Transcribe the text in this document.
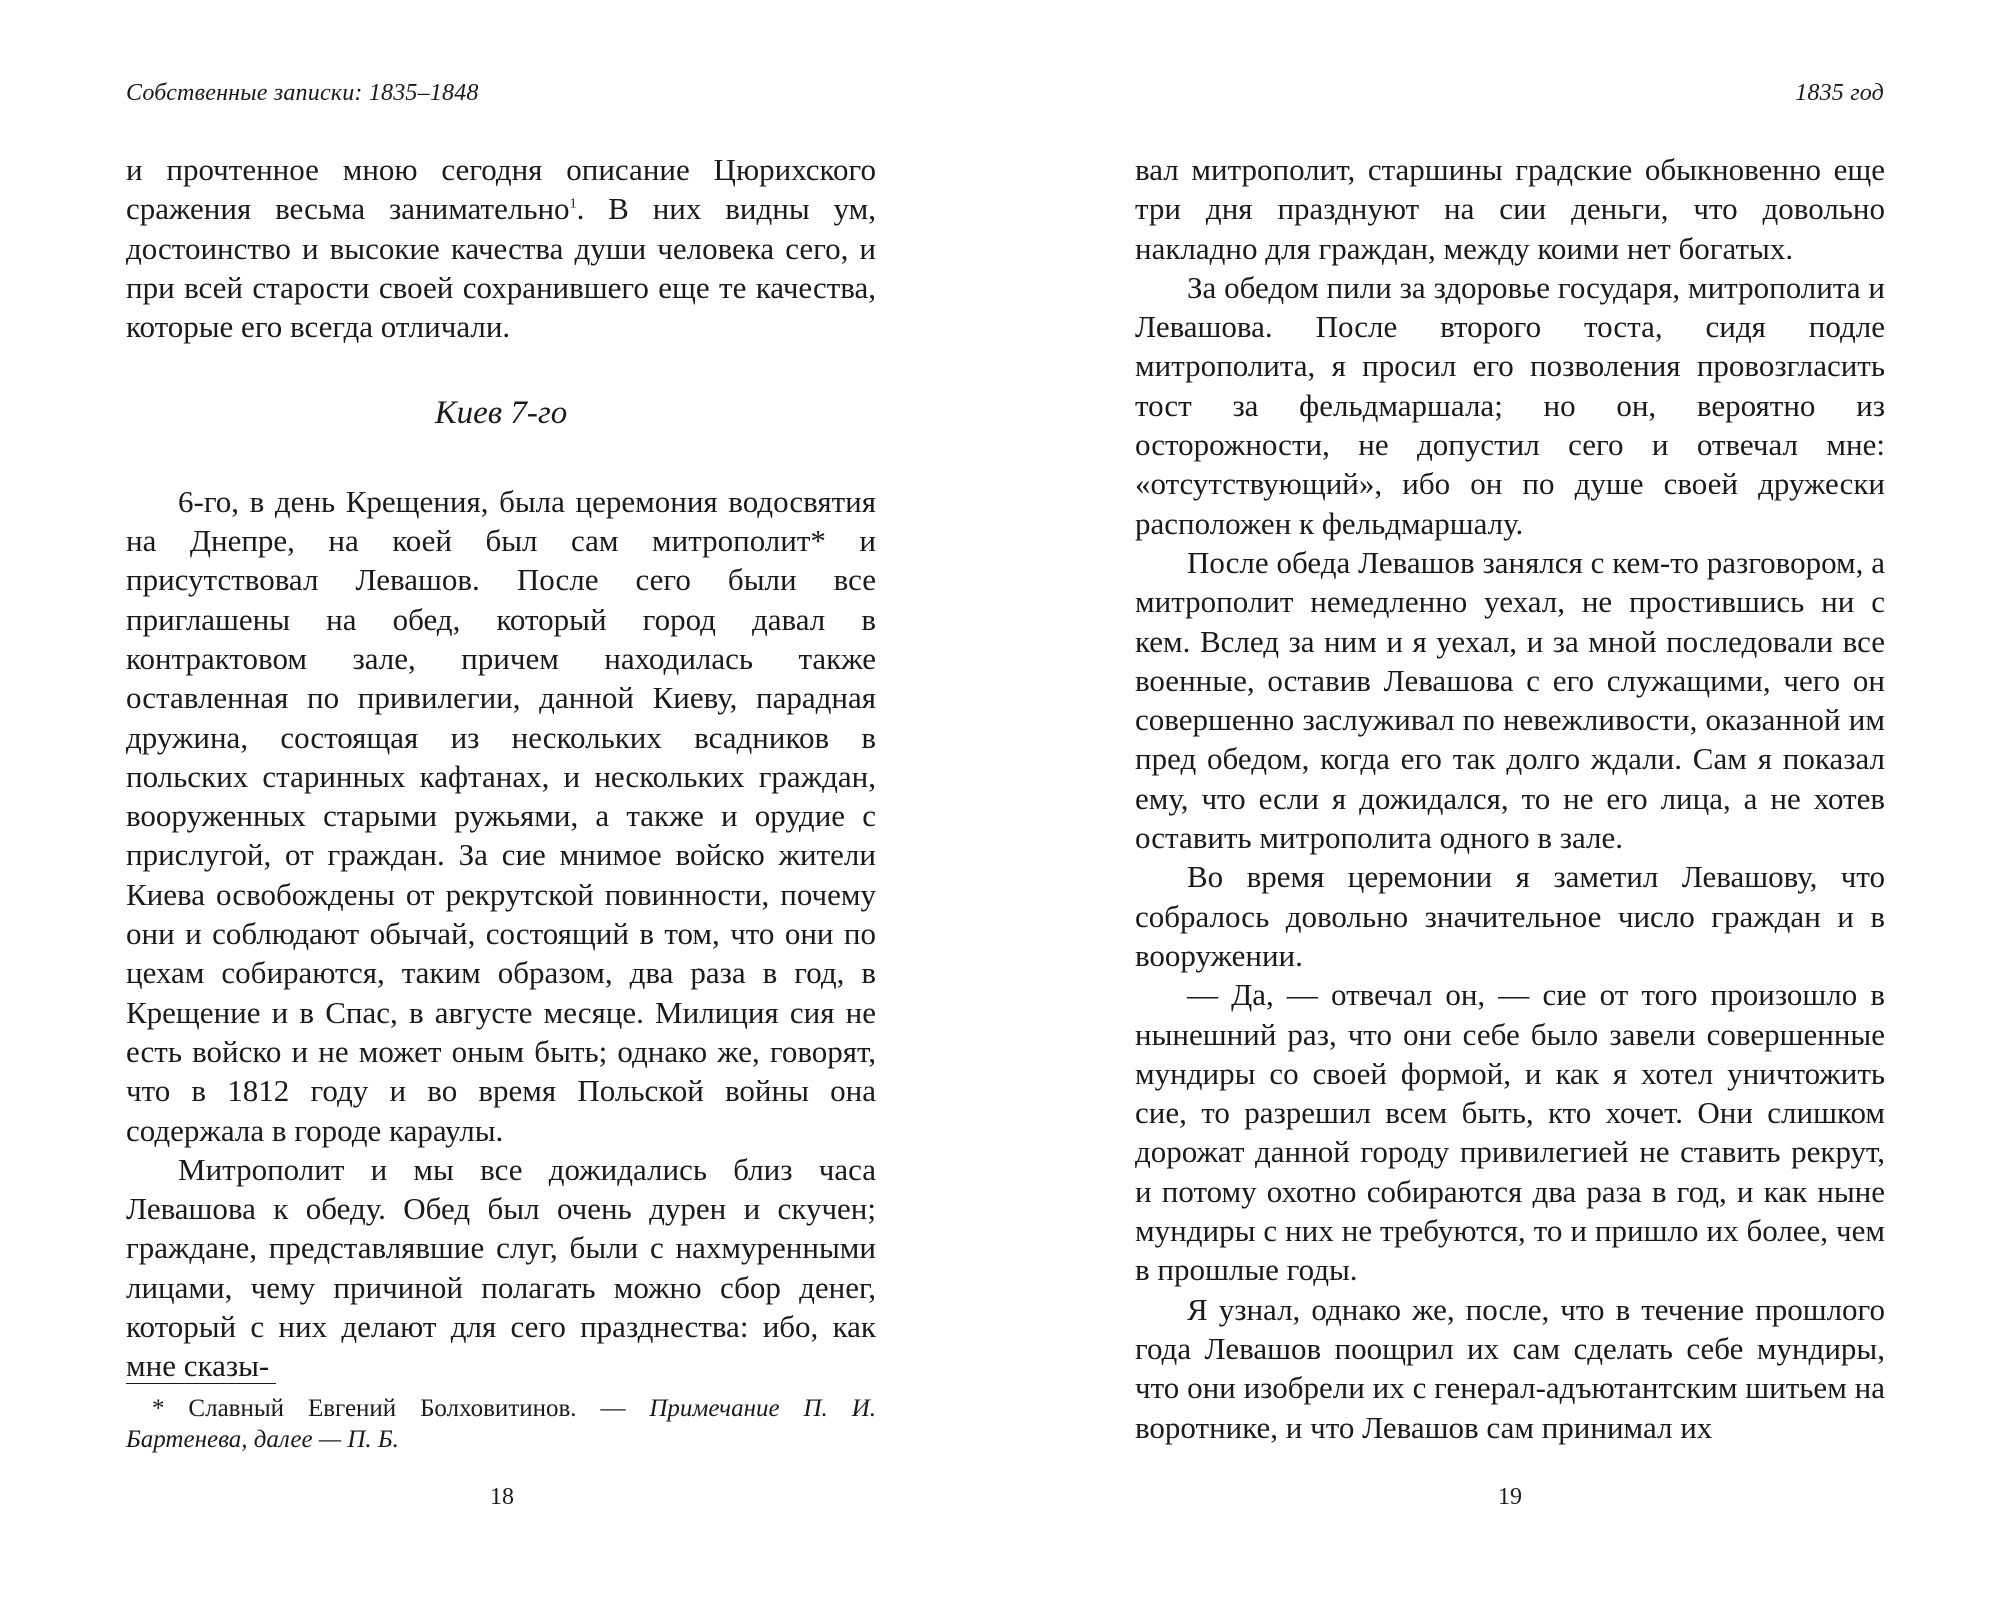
Собственные записки: 1835–1848

и прочтенное мною сегодня описание Цюрихского сражения весьма занимательно$^1$. В них видны ум, достоинство и высокие качества души человека сего, и при всей старости своей сохранившего еще те качества, которые его всегда отличали.

Киев 7-го

6-го, в день Крещения, была церемония водосвятия на Днепре, на коей был сам митрополит* и присутствовал Левашов. После сего были все приглашены на обед, который город давал в контрактовом зале, причем находилась также оставленная по привилегии, данной Киеву, парадная дружина, состоящая из нескольких всадников в польских старинных кафтанах, и нескольких граждан, вооруженных старыми ружьями, а также и орудие с прислугой, от граждан. За сие мнимое войско жители Киева освобождены от рекрутской повинности, почему они и соблюдают обычай, состоящий в том, что они по цехам собираются, таким образом, два раза в год, в Крещение и в Спас, в августе месяце. Милиция сия не есть войско и не может оным быть; однако же, говорят, что в 1812 году и во время Польской войны она содержала в городе караулы.

Митрополит и мы все дожидались близ часа Левашова к обеду. Обед был очень дурен и скучен; граждане, представлявшие слуг, были с нахмуренными лицами, чему причиной полагать можно сбор денег, который с них делают для сего празднества: ибо, как мне сказы-

* Славный Евгений Болховитинов. — Примечание П. И. Бартенева, далее — П. Б.
18
1835 год

вал митрополит, старшины градские обыкновенно еще три дня празднуют на сии деньги, что довольно накладно для граждан, между коими нет богатых.

За обедом пили за здоровье государя, митрополита и Левашова. После второго тоста, сидя подле митрополита, я просил его позволения провозгласить тост за фельдмаршала; но он, вероятно из осторожности, не допустил сего и отвечал мне: «отсутствующий», ибо он по душе своей дружески расположен к фельдмаршалу.

После обеда Левашов занялся с кем-то разговором, а митрополит немедленно уехал, не простившись ни с кем. Вслед за ним и я уехал, и за мной последовали все военные, оставив Левашова с его служащими, чего он совершенно заслуживал по невежливости, оказанной им пред обедом, когда его так долго ждали. Сам я показал ему, что если я дожидался, то не его лица, а не хотев оставить митрополита одного в зале.

Во время церемонии я заметил Левашову, что собралось довольно значительное число граждан и в вооружении.

— Да, — отвечал он, — сие от того произошло в нынешний раз, что они себе было завели совершенные мундиры со своей формой, и как я хотел уничтожить сие, то разрешил всем быть, кто хочет. Они слишком дорожат данной городу привилегией не ставить рекрут, и потому охотно собираются два раза в год, и как ныне мундиры с них не требуются, то и пришло их более, чем в прошлые годы.

Я узнал, однако же, после, что в течение прошлого года Левашов поощрил их сам сделать себе мундиры, что они изобрели их с генерал-адъютантским шитьем на воротнике, и что Левашов сам принимал их

19
